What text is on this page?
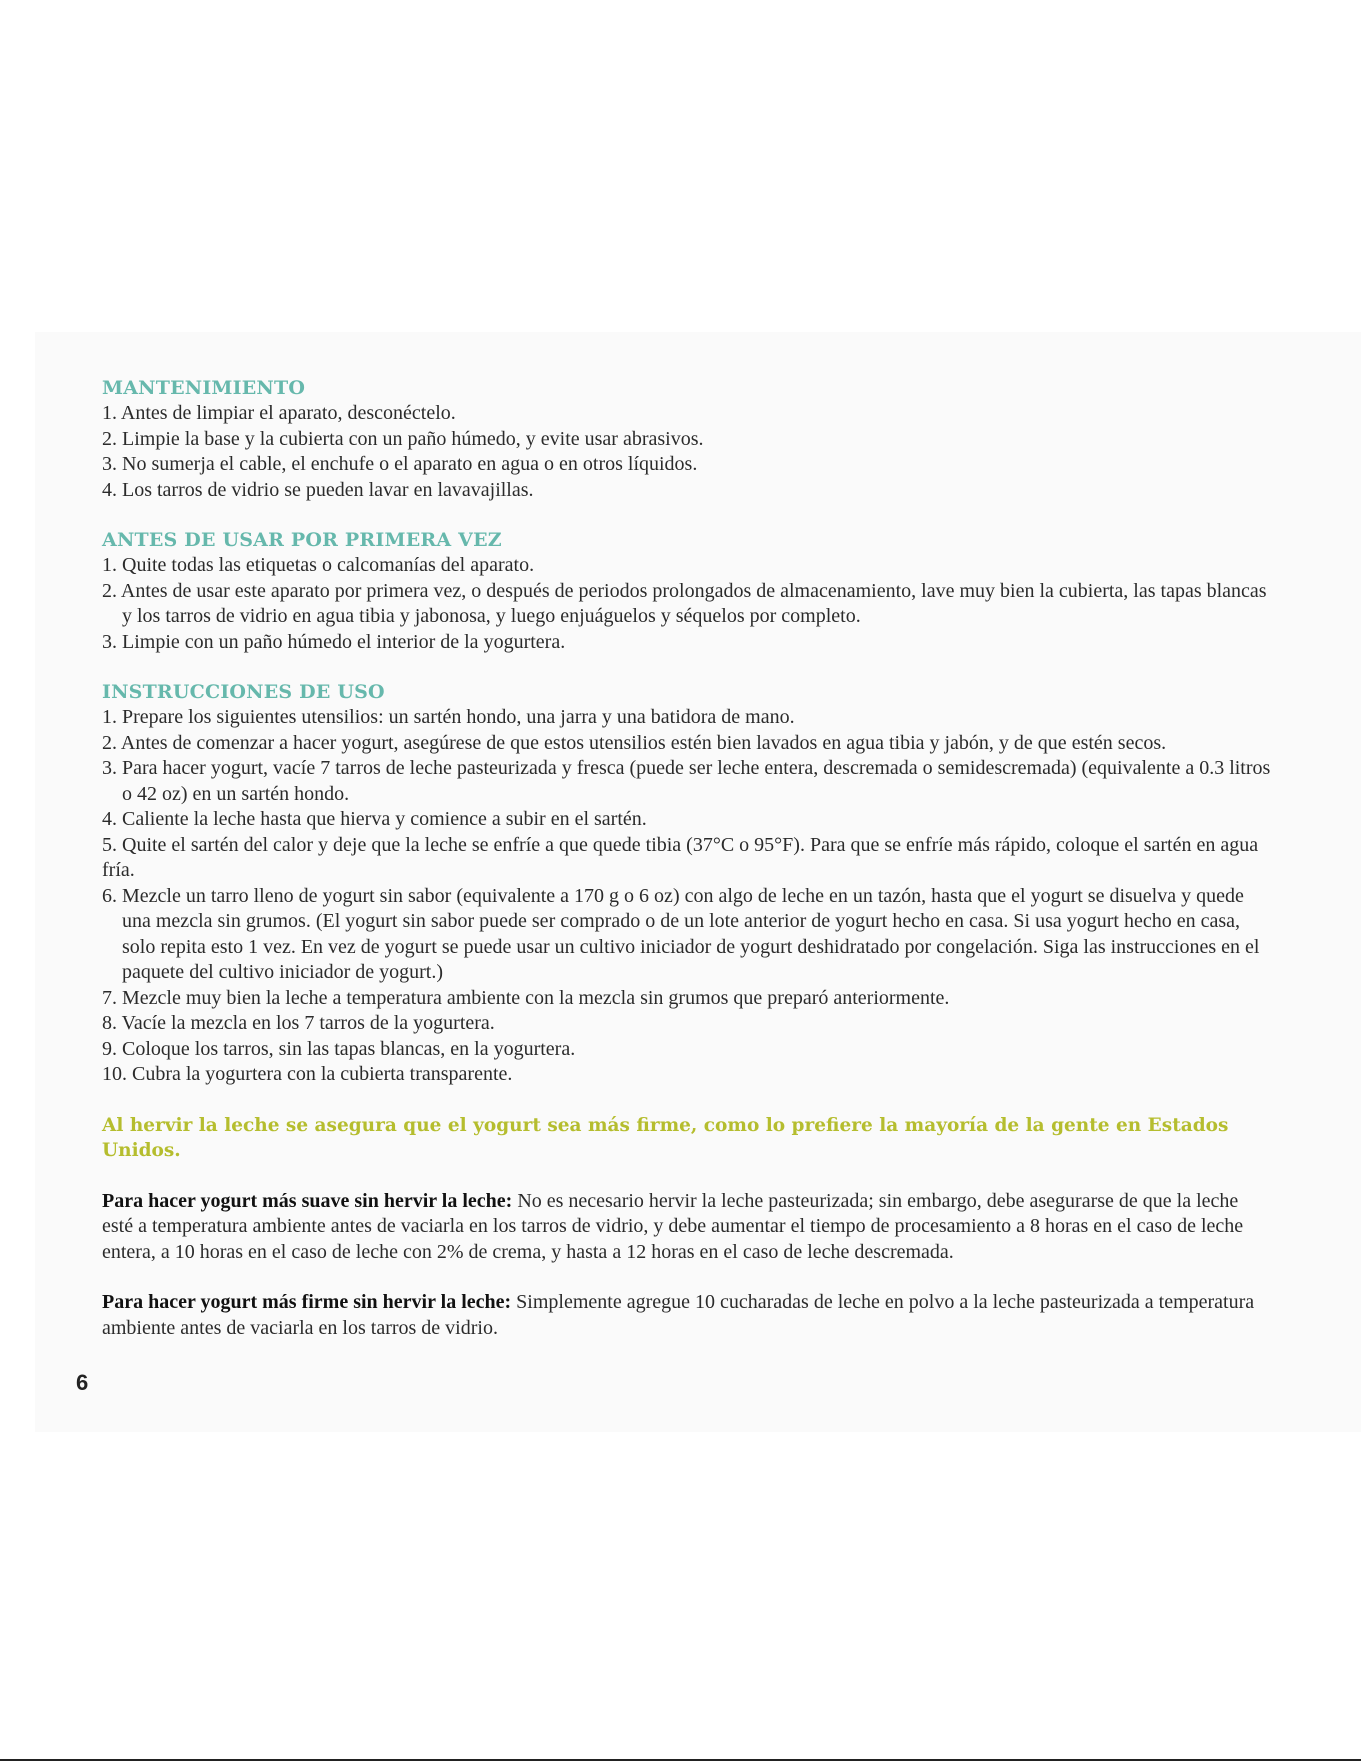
MANTENIMIENTO
1. Antes de limpiar el aparato, desconéctelo.
2. Limpie la base y la cubierta con un paño húmedo, y evite usar abrasivos.
3. No sumerja el cable, el enchufe o el aparato en agua o en otros líquidos.
4. Los tarros de vidrio se pueden lavar en lavavajillas.
ANTES DE USAR POR PRIMERA VEZ
1. Quite todas las etiquetas o calcomanías del aparato.
2. Antes de usar este aparato por primera vez, o después de periodos prolongados de almacenamiento, lave muy bien la cubierta, las tapas blancas y los tarros de vidrio en agua tibia y jabonosa, y luego enjuáguelos y séquelos por completo.
3. Limpie con un paño húmedo el interior de la yogurtera.
INSTRUCCIONES DE USO
1. Prepare los siguientes utensilios: un sartén hondo, una jarra y una batidora de mano.
2. Antes de comenzar a hacer yogurt, asegúrese de que estos utensilios estén bien lavados en agua tibia y jabón, y de que estén secos.
3. Para hacer yogurt, vacíe 7 tarros de leche pasteurizada y fresca (puede ser leche entera, descremada o semidescremada) (equivalente a 0.3 litros o 42 oz) en un sartén hondo.
4. Caliente la leche hasta que hierva y comience a subir en el sartén.
5. Quite el sartén del calor y deje que la leche se enfríe a que quede tibia (37°C o 95°F). Para que se enfríe más rápido, coloque el sartén en agua fría.
6. Mezcle un tarro lleno de yogurt sin sabor (equivalente a 170 g o 6 oz) con algo de leche en un tazón, hasta que el yogurt se disuelva y quede una mezcla sin grumos. (El yogurt sin sabor puede ser comprado o de un lote anterior de yogurt hecho en casa. Si usa yogurt hecho en casa, solo repita esto 1 vez. En vez de yogurt se puede usar un cultivo iniciador de yogurt deshidratado por congelación. Siga las instrucciones en el paquete del cultivo iniciador de yogurt.)
7. Mezcle muy bien la leche a temperatura ambiente con la mezcla sin grumos que preparó anteriormente.
8. Vacíe la mezcla en los 7 tarros de la yogurtera.
9. Coloque los tarros, sin las tapas blancas, en la yogurtera.
10. Cubra la yogurtera con la cubierta transparente.

Al hervir la leche se asegura que el yogurt sea más firme, como lo prefiere la mayoría de la gente en Estados Unidos.

Para hacer yogurt más suave sin hervir la leche: No es necesario hervir la leche pasteurizada; sin embargo, debe asegurarse de que la leche esté a temperatura ambiente antes de vaciarla en los tarros de vidrio, y debe aumentar el tiempo de procesamiento a 8 horas en el caso de leche entera, a 10 horas en el caso de leche con 2% de crema, y hasta a 12 horas en el caso de leche descremada.

Para hacer yogurt más firme sin hervir la leche: Simplemente agregue 10 cucharadas de leche en polvo a la leche pasteurizada a temperatura ambiente antes de vaciarla en los tarros de vidrio.

6
